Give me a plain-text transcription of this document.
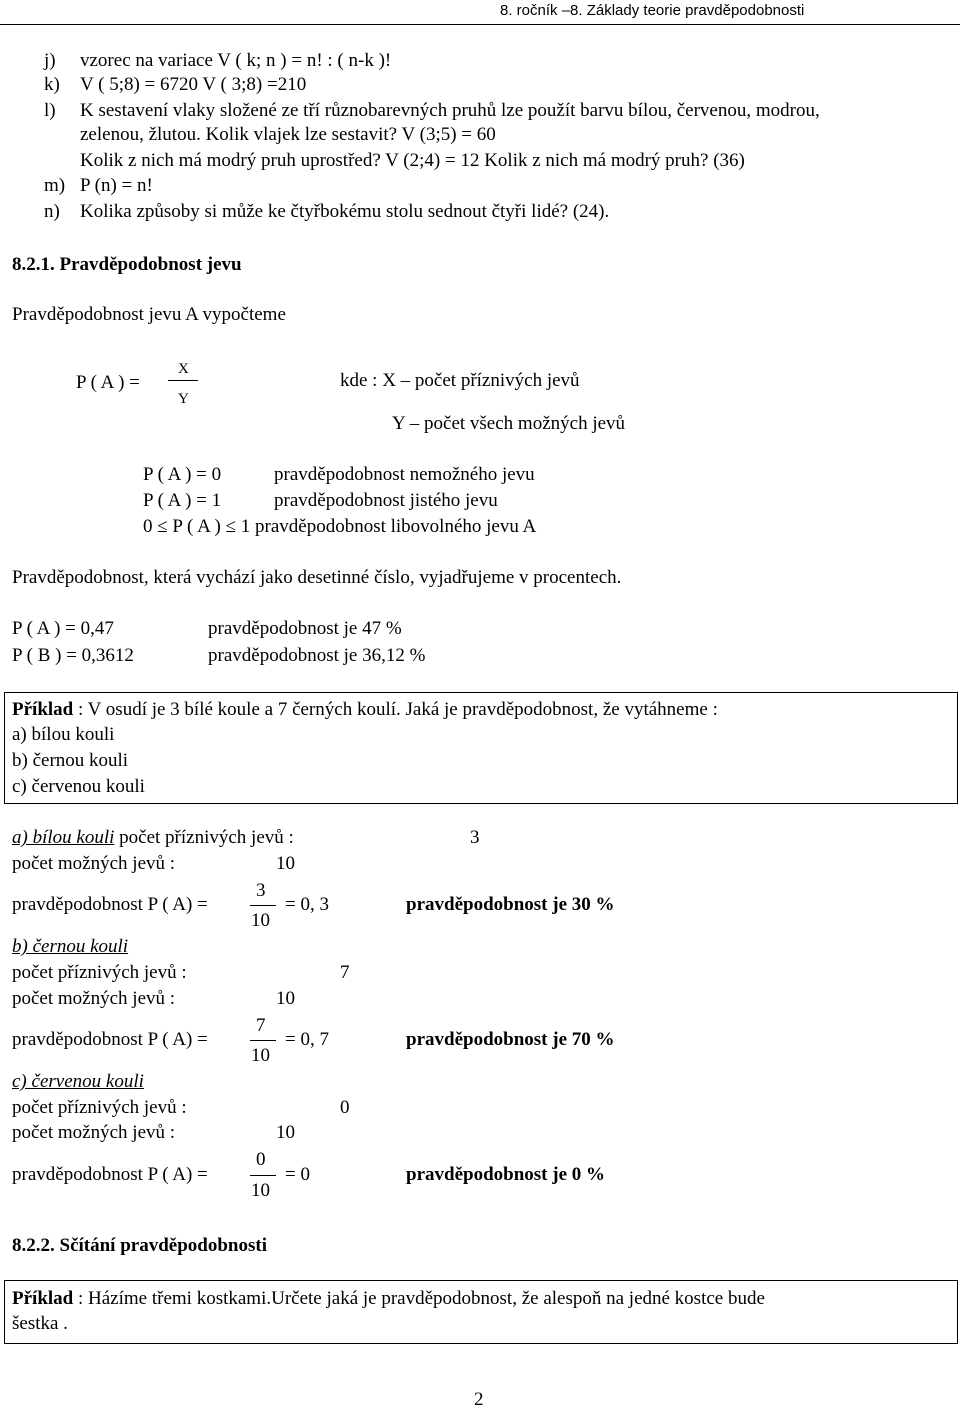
8. ročník –8. Základy teorie pravděpodobnosti
j) vzorec na variace V ( k; n ) = n! : ( n-k )!
k) V ( 5;8) = 6720 V ( 3;8) =210
l) K sestavení vlaky složené ze tří různobarevných pruhů lze použít barvu bílou, červenou, modrou,
zelenou, žlutou. Kolik vlajek lze sestavit? V (3;5) = 60
Kolik z nich má modrý pruh uprostřed? V (2;4) = 12 Kolik z nich má modrý pruh? (36)
m) P (n) = n!
n) Kolika způsoby si může ke čtyřbokému stolu sednout čtyři lidé? (24).
8.2.1. Pravděpodobnost jevu
Pravděpodobnost jevu A vypočteme
P ( A ) =
X
Y
kde : X – počet příznivých jevů
Y – počet všech možných jevů
P ( A ) = 0	pravděpodobnost nemožného jevu
P ( A ) = 1	pravděpodobnost jistého jevu
0 ≤ P ( A ) ≤ 1 pravděpodobnost libovolného jevu A
Pravděpodobnost, která vychází jako desetinné číslo, vyjadřujeme v procentech.
P ( A ) = 0,47	pravděpodobnost je 47 %
P ( B ) = 0,3612	pravděpodobnost je 36,12 %
Příklad : V osudí je 3 bílé koule a 7 černých koulí. Jaká je pravděpodobnost, že vytáhneme :
a) bílou kouli
b) černou kouli
c) červenou kouli
a) bílou kouli počet příznivých jevů :	3
počet možných jevů :	10
pravděpodobnost P ( A) =
3
10
= 0, 3	pravděpodobnost je 30 %
b) černou kouli
počet příznivých jevů :	7
počet možných jevů :	10
pravděpodobnost P ( A) =
7
10
= 0, 7	pravděpodobnost je 70 %
c) červenou kouli
počet příznivých jevů :	0
počet možných jevů :	10
pravděpodobnost P ( A) =
0
10
= 0	pravděpodobnost je 0 %
8.2.2. Sčítání pravděpodobnosti
Příklad : Házíme třemi kostkami.Určete jaká je pravděpodobnost, že alespoň na jedné kostce bude
šestka .
2
